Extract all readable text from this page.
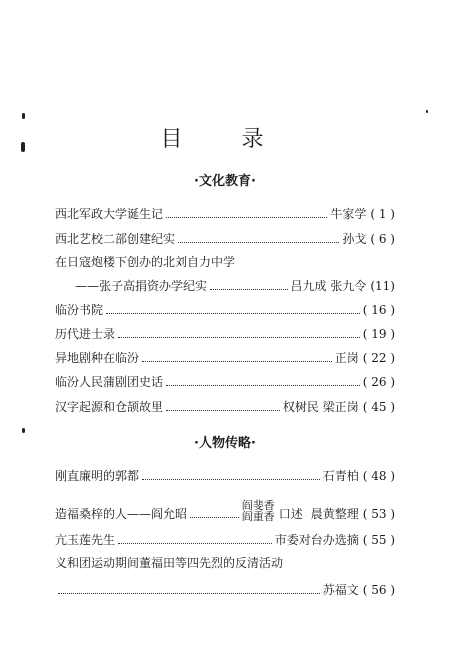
目 录
·文化教育·
西北军政大学诞生记	牛家学 ( 1 )
西北艺校二部创建纪实	孙戈 ( 6 )
在日寇炮楼下创办的北刘自力中学
——张子高捐资办学纪实	吕九成 张九令 (11)
临汾书院	( 16 )
历代进士录	( 19 )
异地剧种在临汾	正岗 ( 22 )
临汾人民蒲剧团史话	( 26 )
汉字起源和仓颉故里	权树民 梁正岗 ( 45 )
·人物传略·
刚直廉明的郭都	石青柏 ( 48 )
造福桑梓的人——阎允昭
阎斐香
阎重香 口述 晨黄整理 ( 53 )
亢玉莲先生	市委对台办选摘 ( 55 )
义和团运动期间董福田等四先烈的反清活动
苏福文 ( 56 )
